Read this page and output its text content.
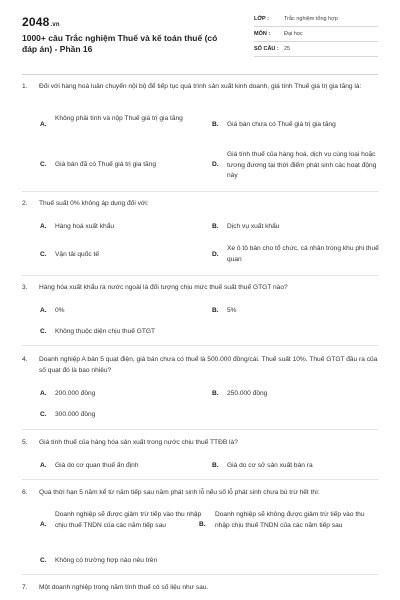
2048.vn
1000+ câu Trắc nghiệm Thuế và kế toán thuế (có đáp án) - Phần 16
LỚP :	Trắc nghiệm tổng hợp
MÔN :	Đại học
SỐ CÂU : 25
1. Đối với hàng hoá luân chuyển nội bộ để tiếp tục quá trình sản xuất kinh doanh, giá tính Thuế giá trị gia tăng là:
A.
Không phải tính và nộp Thuế giá trị gia tăng
B. Giá bán chưa có Thuế giá trị gia tăng
C. Giá bán đã có Thuế giá trị gia tăng	D.
Giá tính thuế của hàng hoá, dịch vụ cùng loại hoặc tương đương tại thời điểm phát sinh các hoạt động này
2. Thuế suất 0% không áp dụng đối với:
A. Hàng hoá xuất khẩu	B. Dịch vụ xuất khẩu
C. Vận tải quốc tế	D.
Xe ô tô bán cho tổ chức, cá nhân trong khu phi thuế quan
3. Hàng hóa xuất khẩu ra nước ngoài là đối tượng chịu mức thuế suất thuế GTGT nào?
A. 0%	B. 5%
C. Không thuộc diện chịu thuế GTGT
4. Doanh nghiệp A bán 5 quạt điện, giá bán chưa có thuế là 500.000 đồng/cái. Thuế suất 10%. Thuế GTGT đầu ra của số quạt đó là bao nhiêu?
A. 200.000 đồng	B. 250.000 đồng
C. 300.000 đồng
5. Giá tính thuế của hàng hóa sản xuất trong nước chịu thuế TTĐB là?
A. Giá do cơ quan thuế ấn định	B. Giá do cơ sở sản xuất bán ra
6. Quá thời hạn 5 năm kể từ năm tiếp sau năm phát sinh lỗ nếu số lỗ phát sinh chưa bù trừ hết thì:
A.
Doanh nghiệp sẽ được giảm trừ tiếp vào thu nhập chịu thuế TNDN của các năm tiếp sau	B.
Doanh nghiệp sẽ không được giảm trừ tiếp vào thu nhập chịu thuế TNDN của các năm tiếp sau
C. Không có trường hợp nào nêu trên
7. Một doanh nghiệp trong năm tính thuế có số liệu như sau.
